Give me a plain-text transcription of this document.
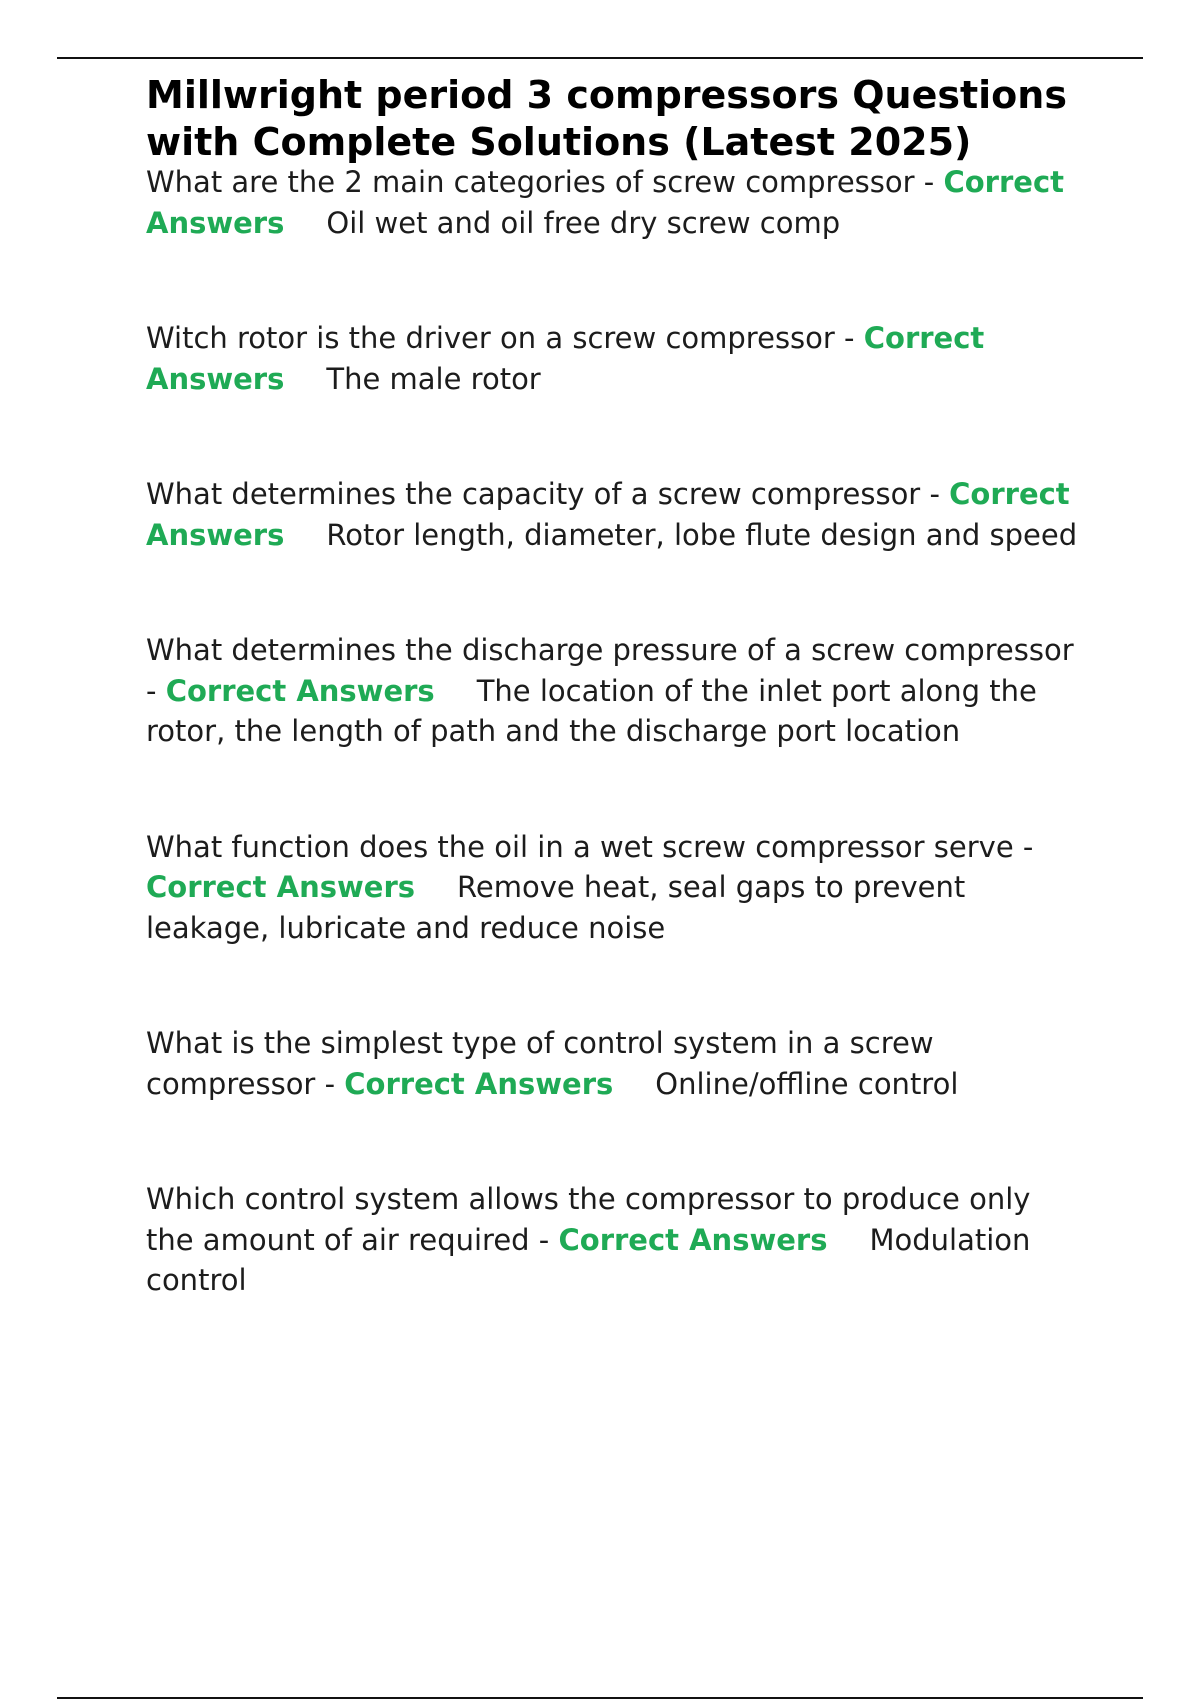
Millwright period 3 compressors Questions with Complete Solutions (Latest 2025)

What are the 2 main categories of screw compressor - Correct Answers Oil wet and oil free dry screw comp

Witch rotor is the driver on a screw compressor - Correct Answers The male rotor

What determines the capacity of a screw compressor - Correct Answers Rotor length, diameter, lobe flute design and speed

What determines the discharge pressure of a screw compressor - Correct Answers The location of the inlet port along the rotor, the length of path and the discharge port location

What function does the oil in a wet screw compressor serve - Correct Answers Remove heat, seal gaps to prevent leakage, lubricate and reduce noise

What is the simplest type of control system in a screw compressor - Correct Answers Online/offline control

Which control system allows the compressor to produce only the amount of air required - Correct Answers Modulation control
